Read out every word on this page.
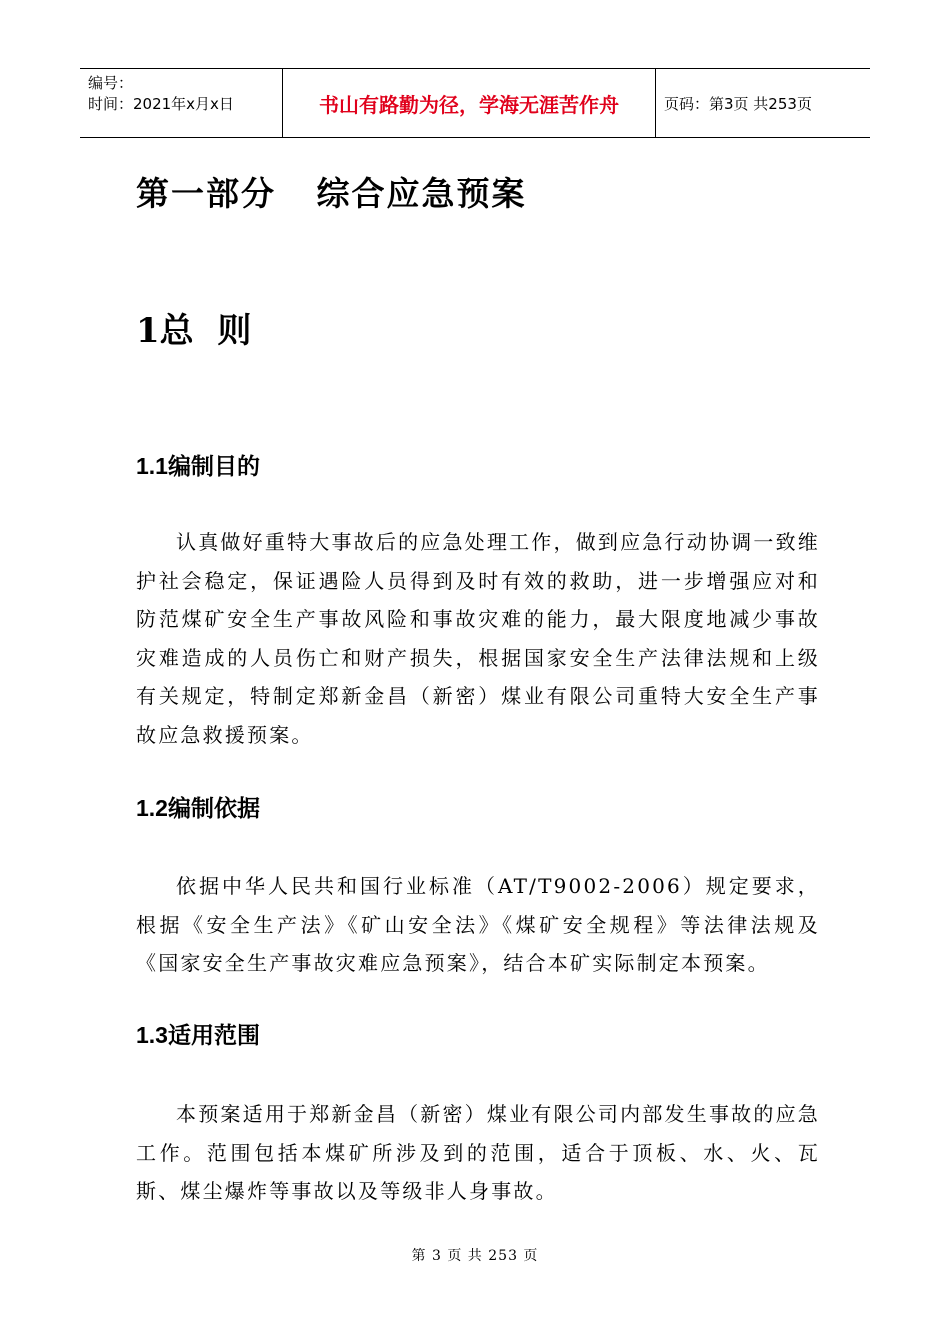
编号：
时间：2021年x月x日	书山有路勤为径，学海无涯苦作舟	页码：第3页 共253页
第一部分   综合应急预案
1总  则
1.1编制目的
认真做好重特大事故后的应急处理工作，做到应急行动协调一致维护社会稳定，保证遇险人员得到及时有效的救助，进一步增强应对和防范煤矿安全生产事故风险和事故灾难的能力，最大限度地减少事故灾难造成的人员伤亡和财产损失，根据国家安全生产法律法规和上级有关规定，特制定郑新金昌（新密）煤业有限公司重特大安全生产事故应急救援预案。
1.2编制依据
依据中华人民共和国行业标准（AT/T9002-2006）规定要求，根据《安全生产法》《矿山安全法》《煤矿安全规程》等法律法规及《国家安全生产事故灾难应急预案》，结合本矿实际制定本预案。
1.3适用范围
本预案适用于郑新金昌（新密）煤业有限公司内部发生事故的应急工作。范围包括本煤矿所涉及到的范围，适合于顶板、水、火、瓦斯、煤尘爆炸等事故以及等级非人身事故。
第 3 页 共 253 页
